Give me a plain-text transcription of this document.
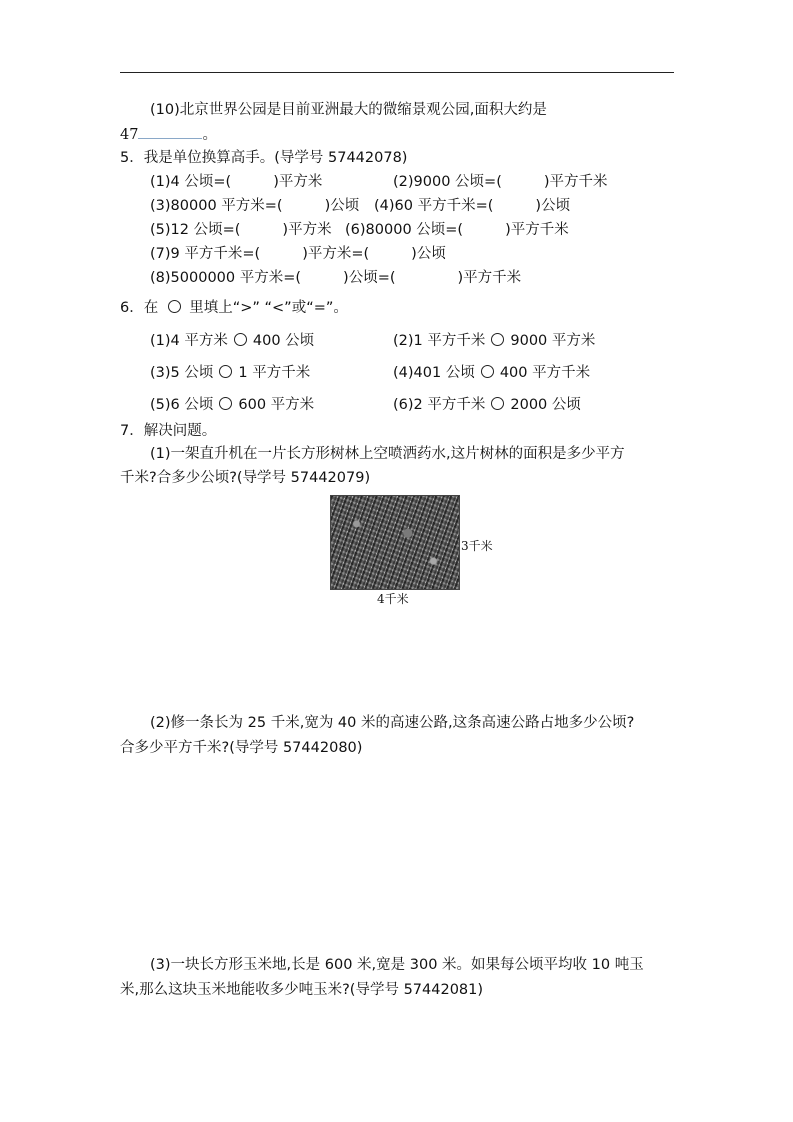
(10)北京世界公园是目前亚洲最大的微缩景观公园,面积大约是
47	。
5．我是单位换算高手。(导学号 57442078)
(1)4 公顷=(	)平方米	(2)9000 公顷=(	)平方千米
(3)80000 平方米=(	)公顷 (4)60 平方千米=(	)公顷
(5)12 公顷=(	)平方米 (6)80000 公顷=(	)平方千米
(7)9 平方千米=(	)平方米=(	)公顷
(8)5000000 平方米=(	)公顷=(	)平方千米
6．在 里填上“>” “<”或“=”。
(1)4 平方米 400 公顷	(2)1 平方千米 9000 平方米
(3)5 公顷 1 平方千米	(4)401 公顷 400 平方千米
(5)6 公顷 600 平方米	(6)2 平方千米 2000 公顷
7．解决问题。
(1)一架直升机在一片长方形树林上空喷洒药水,这片树林的面积是多少平方
千米?合多少公顷?(导学号 57442079)
3千米
4千米
(2)修一条长为 25 千米,宽为 40 米的高速公路,这条高速公路占地多少公顷?
合多少平方千米?(导学号 57442080)
(3)一块长方形玉米地,长是 600 米,宽是 300 米。如果每公顷平均收 10 吨玉
米,那么这块玉米地能收多少吨玉米?(导学号 57442081)
